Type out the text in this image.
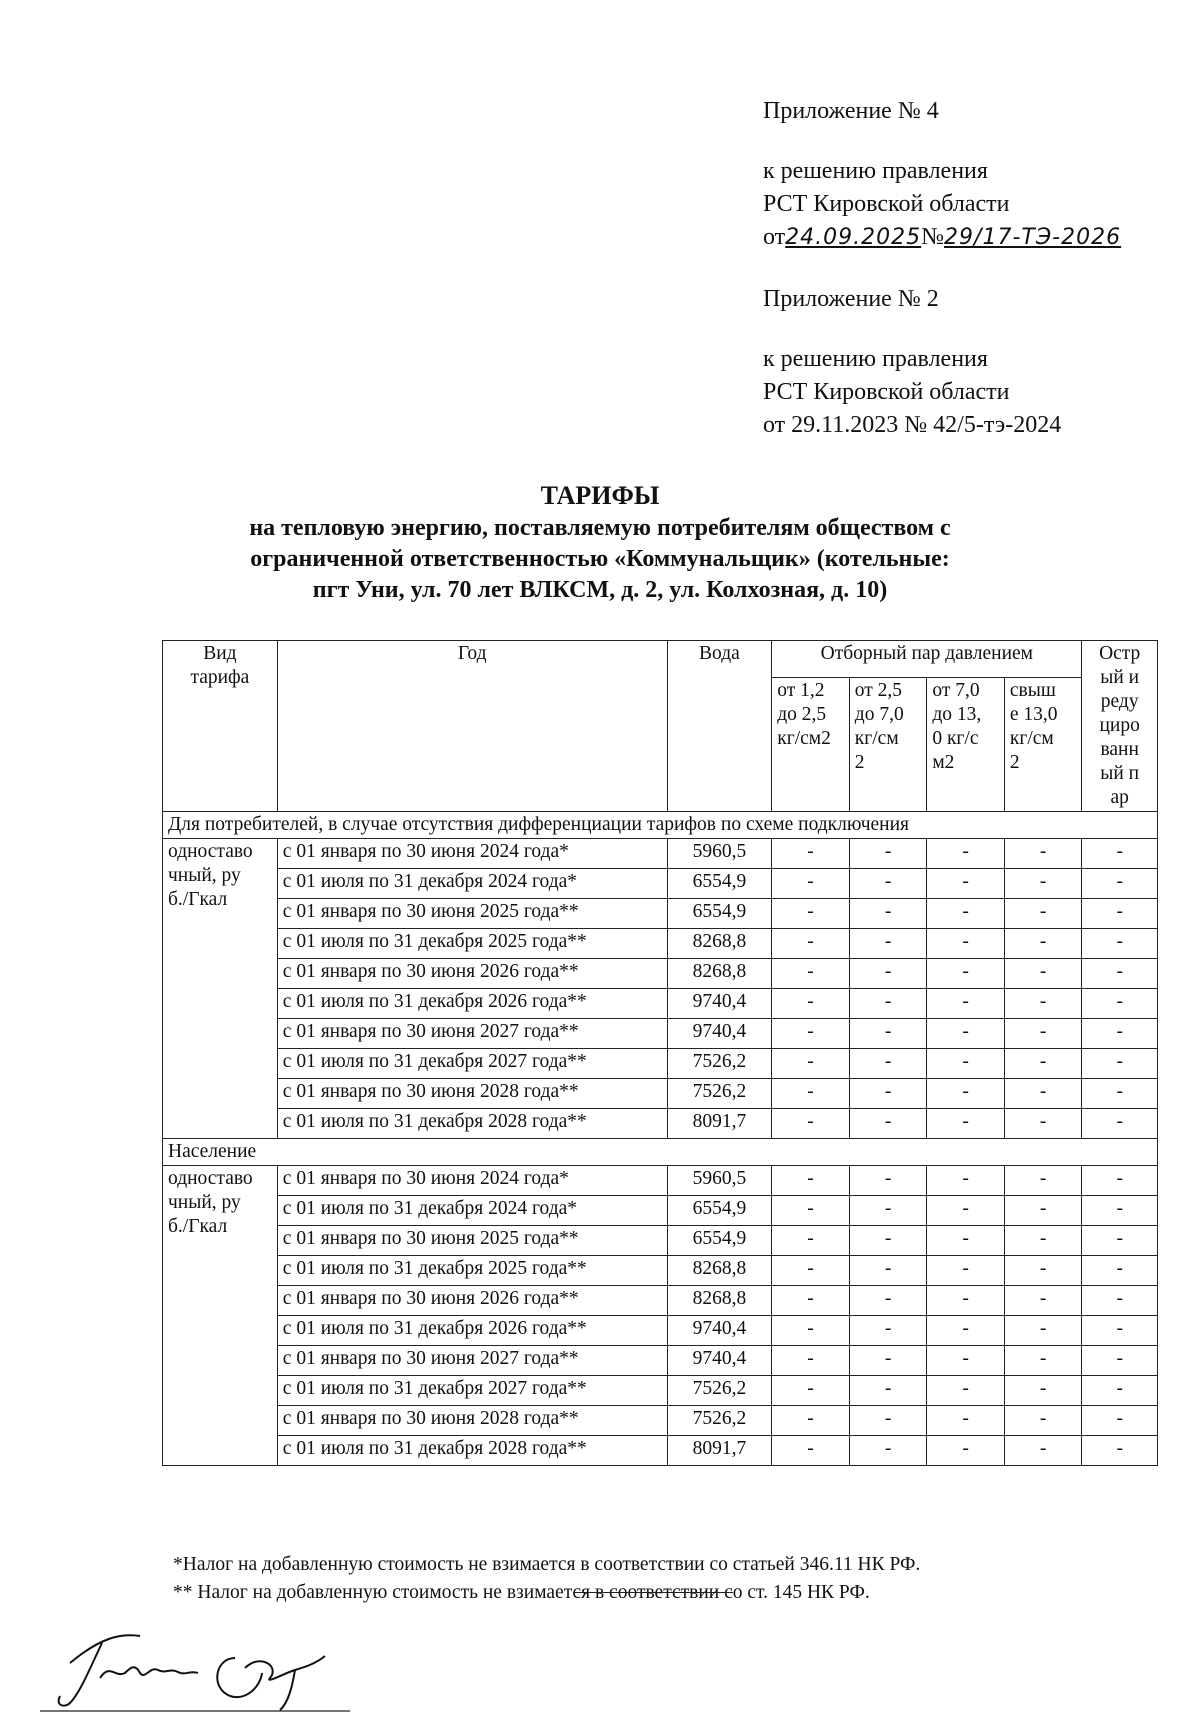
Приложение № 4
к решению правления
РСТ Кировской области
от24.09.2025№29/17-ТЭ-2026
Приложение № 2
к решению правления
РСТ Кировской области
от 29.11.2023 № 42/5-тэ-2024
ТАРИФЫ
на тепловую энергию, поставляемую потребителям обществом с
ограниченной ответственностью «Коммунальщик» (котельные:
пгт Уни, ул. 70 лет ВЛКСМ, д. 2, ул. Колхозная, д. 10)
Вид тарифа	Год	Вода	Отборный пар давлением				Острый и редуцированный пар

			от 1,2 до 2,5 кг/см2	от 2,5 до 7,0 кг/см2	от 7,0 до 13,0 кг/см2	свыше 13,0 кг/см2	

Для потребителей, в случае отсутствия дифференциации тарифов по схеме подключения							

одноставочный, руб./Гкал	с 01 января по 30 июня 2024 года*	5960,5	-	-	-	-	-
	с 01 июля по 31 декабря 2024 года*	6554,9	-	-	-	-	-
	с 01 января по 30 июня 2025 года**	6554,9	-	-	-	-	-
	с 01 июля по 31 декабря 2025 года**	8268,8	-	-	-	-	-
	с 01 января по 30 июня 2026 года**	8268,8	-	-	-	-	-
	с 01 июля по 31 декабря 2026 года**	9740,4	-	-	-	-	-
	с 01 января по 30 июня 2027 года**	9740,4	-	-	-	-	-
	с 01 июля по 31 декабря 2027 года**	7526,2	-	-	-	-	-
	с 01 января по 30 июня 2028 года**	7526,2	-	-	-	-	-
	с 01 июля по 31 декабря 2028 года**	8091,7	-	-	-	-	-
Население							

одноставочный, руб./Гкал	с 01 января по 30 июня 2024 года*	5960,5	-	-	-	-	-
	с 01 июля по 31 декабря 2024 года*	6554,9	-	-	-	-	-
	с 01 января по 30 июня 2025 года**	6554,9	-	-	-	-	-
	с 01 июля по 31 декабря 2025 года**	8268,8	-	-	-	-	-
	с 01 января по 30 июня 2026 года**	8268,8	-	-	-	-	-
	с 01 июля по 31 декабря 2026 года**	9740,4	-	-	-	-	-
	с 01 января по 30 июня 2027 года**	9740,4	-	-	-	-	-
	с 01 июля по 31 декабря 2027 года**	7526,2	-	-	-	-	-
	с 01 января по 30 июня 2028 года**	7526,2	-	-	-	-	-
	с 01 июля по 31 декабря 2028 года**	8091,7	-	-	-	-	-
*Налог на добавленную стоимость не взимается в соответствии со статьей 346.11 НК РФ.
** Налог на добавленную стоимость не взимается в соответствии со ст. 145 НК РФ.
